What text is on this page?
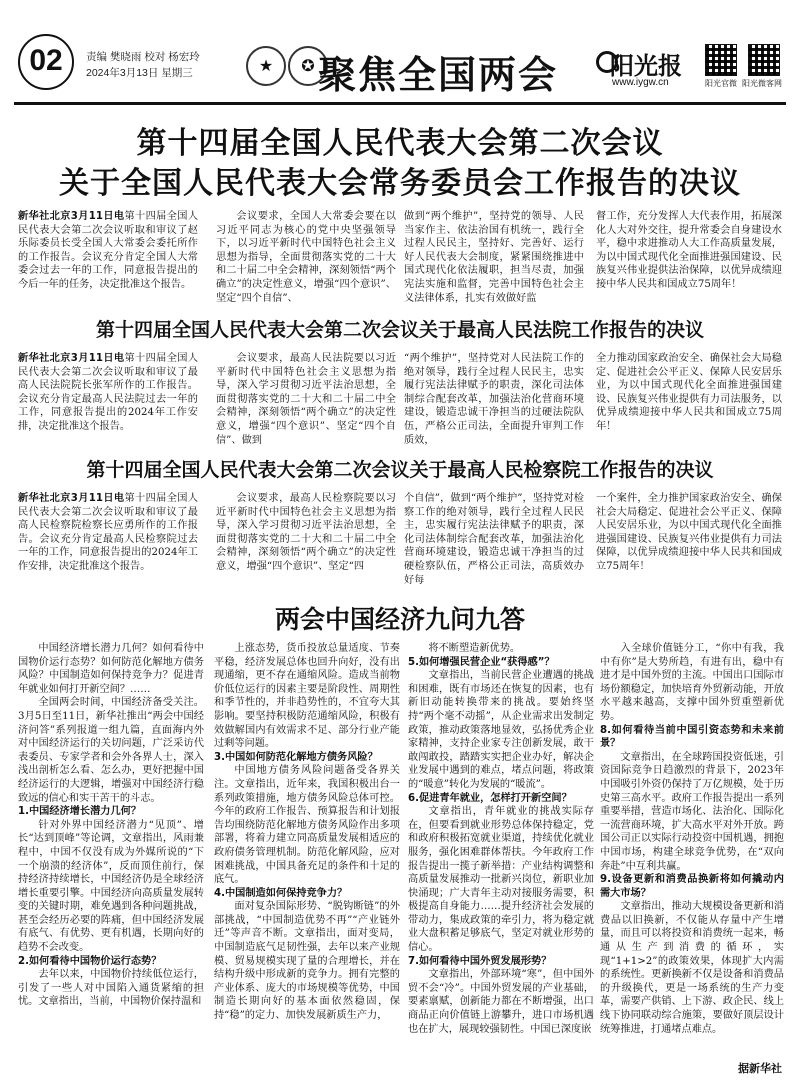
02	责编 樊晓雨 校对 杨宏玲
2024年3月13日 星期三	★	✪ 聚焦全国两会 阳光报
www.iygw.cn	阳光官微 阳光微客网
第十四届全国人民代表大会第二次会议
关于全国人民代表大会常务委员会工作报告的决议
新华社北京3月11日电第十四届全国人民代表大会第二次会议听取和审议了赵乐际委员长受全国人大常委会委托所作的工作报告。会议充分肯定全国人大常委会过去一年的工作，同意报告提出的今后一年的任务，决定批准这个报告。
会议要求，全国人大常委会要在以习近平同志为核心的党中央坚强领导下，以习近平新时代中国特色社会主义思想为指导，全面贯彻落实党的二十大和二十届二中全会精神，深刻领悟“两个确立”的决定性意义，增强“四个意识”、坚定“四个自信”、
做到“两个维护”，坚持党的领导、人民当家作主、依法治国有机统一，践行全过程人民民主，坚持好、完善好、运行好人民代表大会制度，紧紧围绕推进中国式现代化依法履职，担当尽责，加强宪法实施和监督，完善中国特色社会主义法律体系，扎实有效做好监
督工作，充分发挥人大代表作用，拓展深化人大对外交往，提升常委会自身建设水平，稳中求进推动人大工作高质量发展，为以中国式现代化全面推进强国建设、民族复兴伟业提供法治保障，以优异成绩迎接中华人民共和国成立75周年！
第十四届全国人民代表大会第二次会议关于最高人民法院工作报告的决议
新华社北京3月11日电第十四届全国人民代表大会第二次会议听取和审议了最高人民法院院长张军所作的工作报告。会议充分肯定最高人民法院过去一年的工作，同意报告提出的2024年工作安排，决定批准这个报告。
会议要求，最高人民法院要以习近平新时代中国特色社会主义思想为指导，深入学习贯彻习近平法治思想，全面贯彻落实党的二十大和二十届二中全会精神，深刻领悟“两个确立”的决定性意义，增强“四个意识”、坚定“四个自信”、做到
“两个维护”，坚持党对人民法院工作的绝对领导，践行全过程人民民主，忠实履行宪法法律赋予的职责，深化司法体制综合配套改革，加强法治化营商环境建设，锻造忠诚干净担当的过硬法院队伍，严格公正司法，全面提升审判工作质效，
全力推动国家政治安全、确保社会大局稳定、促进社会公平正义、保障人民安居乐业，为以中国式现代化全面推进强国建设、民族复兴伟业提供有力司法服务，以优异成绩迎接中华人民共和国成立75周年！
第十四届全国人民代表大会第二次会议关于最高人民检察院工作报告的决议
新华社北京3月11日电第十四届全国人民代表大会第二次会议听取和审议了最高人民检察院检察长应勇所作的工作报告。会议充分肯定最高人民检察院过去一年的工作，同意报告提出的2024年工作安排，决定批准这个报告。
会议要求，最高人民检察院要以习近平新时代中国特色社会主义思想为指导，深入学习贯彻习近平法治思想，全面贯彻落实党的二十大和二十届二中全会精神，深刻领悟“两个确立”的决定性意义，增强“四个意识”、坚定“四
个自信”，做到“两个维护”，坚持党对检察工作的绝对领导，践行全过程人民民主，忠实履行宪法法律赋予的职责，深化司法体制综合配套改革，加强法治化营商环境建设，锻造忠诚干净担当的过硬检察队伍，严格公正司法，高质效办好每
一个案件，全力推护国家政治安全、确保社会大局稳定、促进社会公平正义、保障人民安居乐业，为以中国式现代化全面推进强国建设、民族复兴伟业提供有力司法保障，以优异成绩迎接中华人民共和国成立75周年！
两会中国经济九问九答
中国经济增长潜力几何？如何看待中国物价运行态势？如何防范化解地方债务风险？中国制造如何保持竞争力？促进青年就业如何打开新空间？……
全国两会时间，中国经济备受关注。3月5日至11日，新华社推出“两会中国经济问答”系列报道一组九篇，直面海内外对中国经济运行的关切问题，广泛采访代表委员、专家学者和会外各界人士，深入浅出剖析怎么看、怎么办，更好把握中国经济运行的大逻辑，增强对中国经济行稳致远的信心和实干苦干的斗志。
1.中国经济增长潜力几何？
针对外界中国经济潜力“见顶”、增长“达到顶峰”等论调，文章指出，风雨兼程中，中国不仅没有成为外媒所说的“下一个崩溃的经济体”，反而顶住前行，保持经济持续增长，中国经济仍是全球经济增长重要引擎。中国经济向高质量发展转变的关键时期，难免遇到各种问题挑战，甚至会经历必要的阵痛，但中国经济发展有底气、有优势、更有机遇，长期向好的趋势不会改变。
2.如何看待中国物价运行态势？
去年以来，中国物价持续低位运行，引发了一些人对中国陷入通货紧缩的担忧。文章指出，当前，中国物价保持温和
上涨态势，货币投放总量适度、节奏平稳，经济发展总体也回升向好，没有出现通缩，更不存在通缩风险。造成当前物价低位运行的因素主要是阶段性、周期性和季节性的，并非趋势性的，不宜夸大其影响。要坚持积极防范通缩风险，积极有效做解国内有效需求不足、部分行业产能过剩等问题。
3.中国如何防范化解地方债务风险？
中国地方债务风险问题备受各界关注。文章指出，近年来，我国积极出台一系列政策措施，地方债务风险总体可控。今年的政府工作报告、预算报告和计划报告均围绕防范化解地方债务风险作出多项部署，将着力建立同高质量发展相适应的政府债务管理机制。防范化解风险，应对困难挑战，中国具备充足的条件和十足的底气。
4.中国制造如何保持竞争力？
面对复杂国际形势、“脱钩断链”的外部挑战，“中国制造优势不再”“产业链外迁”等声音不断。文章指出，面对变局，中国制造底气足韧性强，去年以来产业规模、贸易规模实现了量的合理增长，并在结构升级中形成新的竞争力。拥有完整的产业体系、庞大的市场规模等优势，中国制造长期向好的基本面依然稳固，保持“稳”的定力、加快发展新质生产力，
将不断塑造新优势。
5.如何增强民营企业“获得感”？
文章指出，当前民营企业遭遇的挑战和困难，既有市场还在恢复的因素，也有新旧动能转换带来的挑战。要始终坚持“两个毫不动摇”，从企业需求出发制定政策，推动政策落地显效，弘扬优秀企业家精神，支持企业家专注创新发展，敢干敢闯敢投，踏踏实实把企业办好，解决企业发展中遇到的难点，堵点问题，将政策的“暖意”转化为发展的“暖流”。
6.促进青年就业，怎样打开新空间？
文章指出，青年就业的挑战实际存在，但要看到就业形势总体保持稳定，党和政府积极拓宽就业渠道，持续优化就业服务，强化困难群体帮扶。今年政府工作报告提出一揽子新举措：产业结构调整和高质量发展推动一批新兴岗位，新职业加快涌现；广大青年主动对接服务需要，积极提高自身能力……提升经济社会发展的带动力，集成政策的牵引力，将为稳定就业大盘积蓄足够底气，坚定对就业形势的信心。
7.如何看待中国外贸发展形势？
文章指出，外部环境“寒”，但中国外贸不会“冷”。中国外贸发展的产业基础，要素禀赋，创新能力都在不断增强，出口商品正向价值链上游攀升，进口市场机遇也在扩大，展现较强韧性。中国已深度嵌
入全球价值链分工，“你中有我，我中有你”是大势所趋，有进有出，稳中有进才是中国外贸的主流。中国出口国际市场份额稳定，加快培育外贸新动能，开放水平越来越高，支撑中国外贸重塑新优势。
8.如何看待当前中国引资态势和未来前景？
文章指出，在全球跨国投资低迷，引资国际竞争日趋激烈的背景下，2023年中国吸引外资仍保持了万亿规模，处于历史第三高水平。政府工作报告提出一系列重要举措，营造市场化、法治化、国际化一流营商环境，扩大高水平对外开放。跨国公司正以实际行动投资中国机遇，拥抱中国市场，构建全球竞争优势，在“双向奔赴”中互利共赢。
9.设备更新和消费品换新将如何撬动内需大市场？
文章指出，推动大规模设备更新和消费品以旧换新，不仅能从存量中产生增量，而且可以将投资和消费统一起来，畅通从生产到消费的循环，实现“1+1>2”的政策效果，体现扩大内需的系统性。更新换新不仅是设备和消费品的升级换代，更是一场系统的生产力变革，需要产供销、上下游、政企民、线上线下协同联动综合施策，要做好顶层设计统筹推进，打通堵点难点。
据新华社
